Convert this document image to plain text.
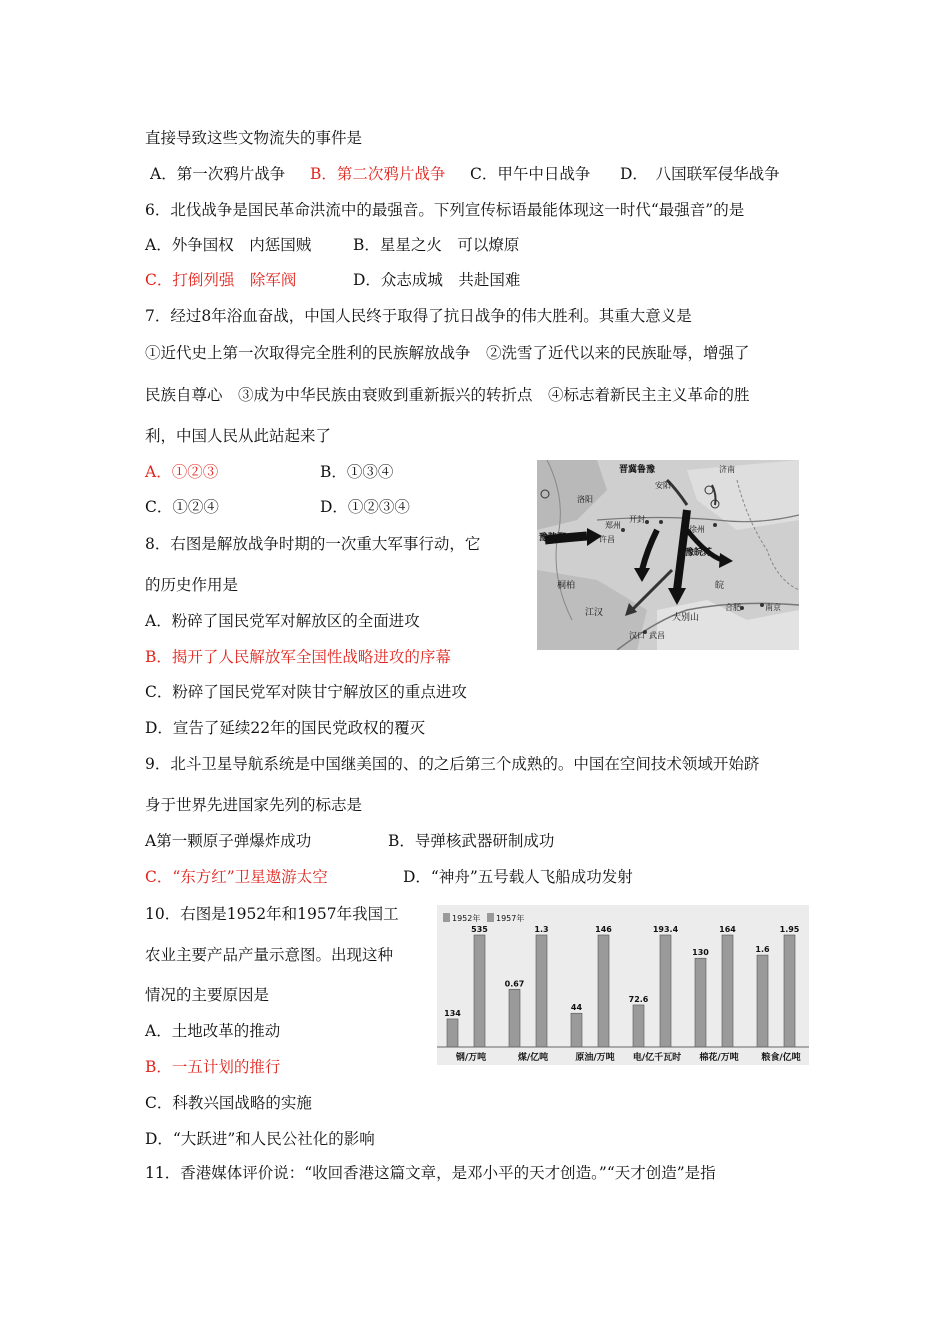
直接导致这些文物流失的事件是
A．第一次鸦片战争 B．第二次鸦片战争 C．甲午中日战争 D．　八国联军侵华战争
6．北伐战争是国民革命洪流中的最强音。下列宣传标语最能体现这一时代“最强音”的是
A．外争国权　内惩国贼	B．星星之火　可以燎原
C．打倒列强　除军阀	D．众志成城　共赴国难
7．经过8年浴血奋战，中国人民终于取得了抗日战争的伟大胜利。其重大意义是
①近代史上第一次取得完全胜利的民族解放战争　②洗雪了近代以来的民族耻辱，增强了
民族自尊心　③成为中华民族由衰败到重新振兴的转折点　④标志着新民主主义革命的胜
利，中国人民从此站起来了
A．①②③	B．①③④
C．①②④	D．①②③④
8．右图是解放战争时期的一次重大军事行动，它
的历史作用是
A．粉碎了国民党军对解放区的全面进攻
B．揭开了人民解放军全国性战略进攻的序幕
C．粉碎了国民党军对陕甘宁解放区的重点进攻
D．宣告了延续22年的国民党政权的覆灭
豫陕鄂
豫皖苏
开封
郑州
许昌
徐州
南京
合肥
汉口 武昌
大别山
江汉
桐柏
晋冀鲁豫
安阳
济南
洛阳
皖
9．北斗卫星导航系统是中国继美国的、的之后第三个成熟的。中国在空间技术领域开始跻
身于世界先进国家先列的标志是
A第一颗原子弹爆炸成功	B．导弹核武器研制成功
C．“东方红”卫星遨游太空	D．“神舟”五号载人飞船成功发射
10．右图是1952年和1957年我国工
农业主要产品产量示意图。出现这种
情况的主要原因是
A．土地改革的推动
B．一五计划的推行
C．科教兴国战略的实施
D．“大跃进”和人民公社化的影响
1952年 1957年
134
535
钢/万吨
0.67
1.3
煤/亿吨
44
146
原油/万吨
72.6
193.4
电/亿千瓦时
130
164
棉花/万吨
1.6
1.95
粮食/亿吨
11．香港媒体评价说：“收回香港这篇文章，是邓小平的天才创造。”“天才创造”是指
